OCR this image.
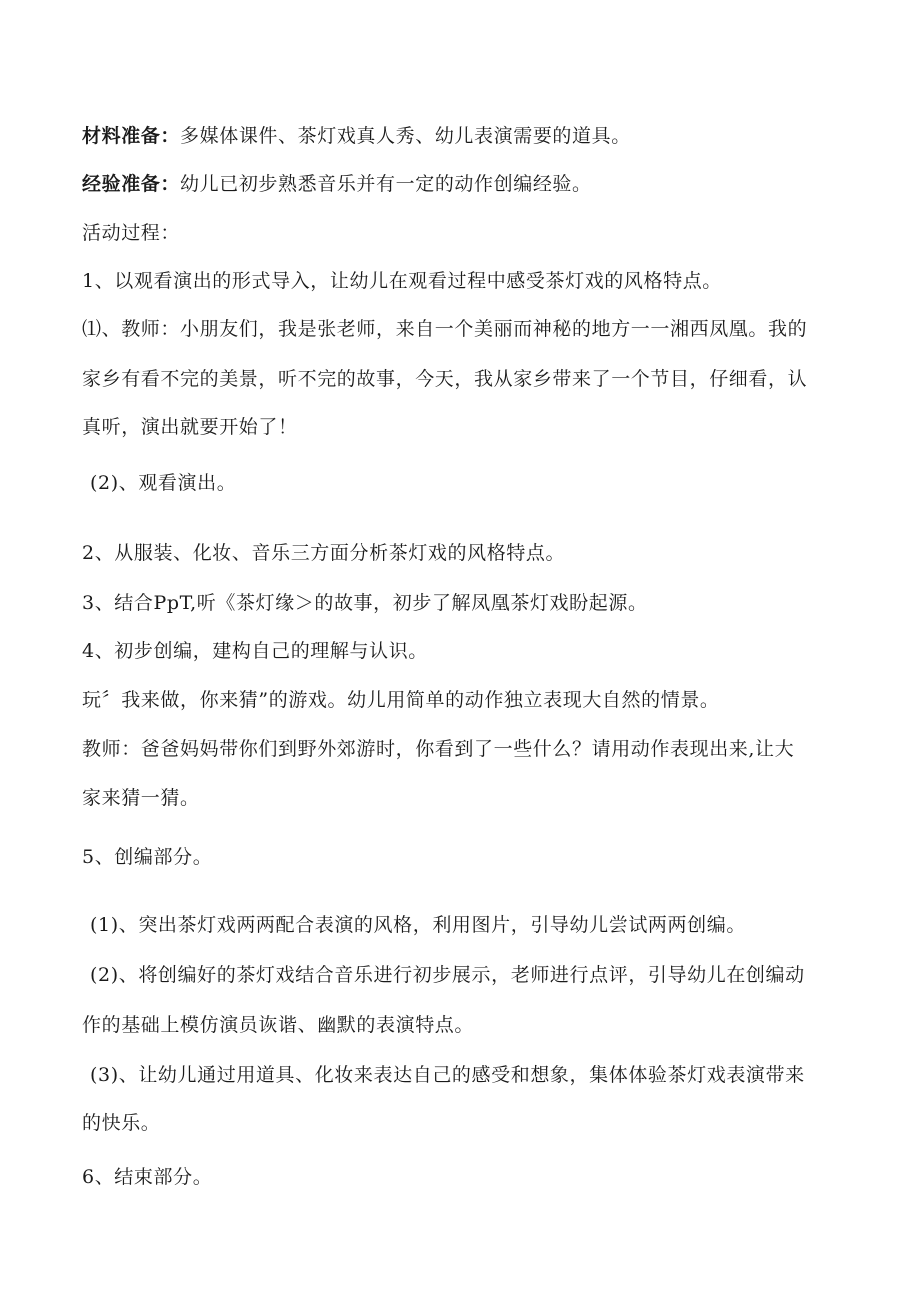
材料准备：多媒体课件、茶灯戏真人秀、幼儿表演需要的道具。
经验准备：幼儿已初步熟悉音乐并有一定的动作创编经验。
活动过程：
1、以观看演出的形式导入，让幼儿在观看过程中感受茶灯戏的风格特点。
⑴、教师：小朋友们，我是张老师，来自一个美丽而神秘的地方一一湘西凤凰。我的
家乡有看不完的美景，听不完的故事，今天，我从家乡带来了一个节目，仔细看，认
真听，演出就要开始了！
(2)、观看演出。
2、从服装、化妆、音乐三方面分析茶灯戏的风格特点。
3、结合PpT,听《茶灯缘＞的故事，初步了解凤凰茶灯戏盼起源。
4、初步创编，建构自己的理解与认识。
玩〞我来做，你来猜”的游戏。幼儿用简单的动作独立表现大自然的情景。
教师：爸爸妈妈带你们到野外郊游时，你看到了一些什么？请用动作表现出来,让大
家来猜一猜。
5、创编部分。
(1)、突出茶灯戏两两配合表演的风格，利用图片，引导幼儿尝试两两创编。
(2)、将创编好的茶灯戏结合音乐进行初步展示，老师进行点评，引导幼儿在创编动
作的基础上模仿演员诙谐、幽默的表演特点。
(3)、让幼儿通过用道具、化妆来表达自己的感受和想象，集体体验茶灯戏表演带来
的快乐。
6、结束部分。
